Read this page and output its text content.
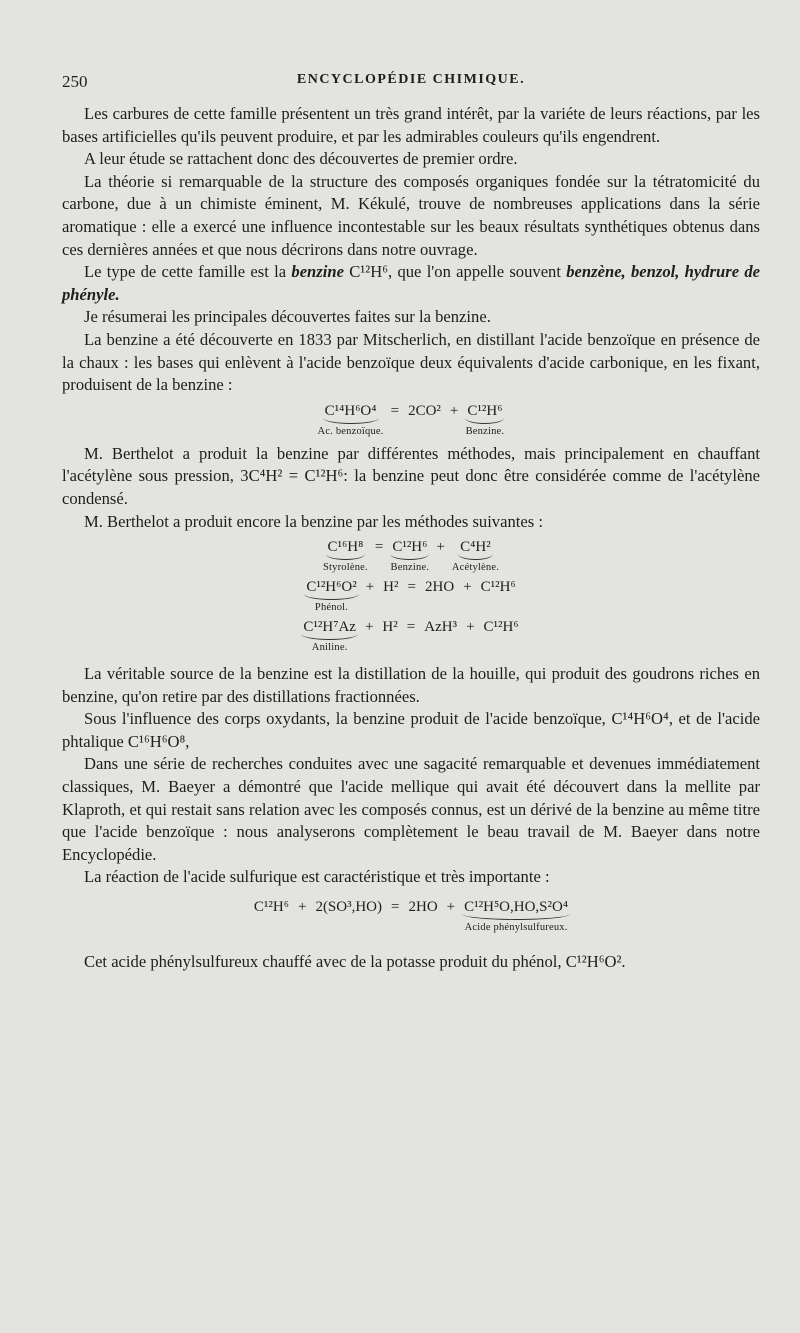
250	ENCYCLOPÉDIE CHIMIQUE.

Les carbures de cette famille présentent un très grand intérêt, par la variéte de leurs réactions, par les bases artificielles qu'ils peuvent produire, et par les admirables couleurs qu'ils engendrent.

A leur étude se rattachent donc des découvertes de premier ordre.

La théorie si remarquable de la structure des composés organiques fondée sur la tétratomicité du carbone, due à un chimiste éminent, M. Kékulé, trouve de nombreuses applications dans la série aromatique : elle a exercé une influence incontestable sur les beaux résultats synthétiques obtenus dans ces dernières années et que nous décrirons dans notre ouvrage.

Le type de cette famille est la benzine C¹²H⁶, que l'on appelle souvent benzène, benzol, hydrure de phényle.

Je résumerai les principales découvertes faites sur la benzine.

La benzine a été découverte en 1833 par Mitscherlich, en distillant l'acide benzoïque en présence de la chaux : les bases qui enlèvent à l'acide benzoïque deux équivalents d'acide carbonique, en les fixant, produisent de la benzine :

C¹⁴H⁶O⁴
Ac. benzoïque.
= 2CO² + C¹²H⁶
Benzine.

M. Berthelot a produit la benzine par différentes méthodes, mais principalement en chauffant l'acétylène sous pression, 3C⁴H² = C¹²H⁶: la benzine peut donc être considérée comme de l'acétylène condensé.

M. Berthelot a produit encore la benzine par les méthodes suivantes :

C¹⁶H⁸
Styrolène.
= C¹²H⁶
Benzine.
+	C⁴H²
Acétylène.
C¹²H⁶O²
Phénol.
+ H² = 2HO + C¹²H⁶
C¹²H⁷Az
Aniline.
+ H² = AzH³ + C¹²H⁶

La véritable source de la benzine est la distillation de la houille, qui produit des goudrons riches en benzine, qu'on retire par des distillations fractionnées.

Sous l'influence des corps oxydants, la benzine produit de l'acide benzoïque, C¹⁴H⁶O⁴, et de l'acide phtalique C¹⁶H⁶O⁸,

Dans une série de recherches conduites avec une sagacité remarquable et devenues immédiatement classiques, M. Baeyer a démontré que l'acide mellique qui avait été découvert dans la mellite par Klaproth, et qui restait sans relation avec les composés connus, est un dérivé de la benzine au même titre que l'acide benzoïque : nous analyserons complètement le beau travail de M. Baeyer dans notre Encyclopédie.

La réaction de l'acide sulfurique est caractéristique et très importante :

C¹²H⁶ + 2(SO³,HO) = 2HO + C¹²H⁵O,HO,S²O⁴
Acide phénylsulfureux.

Cet acide phénylsulfureux chauffé avec de la potasse produit du phénol, C¹²H⁶O².
